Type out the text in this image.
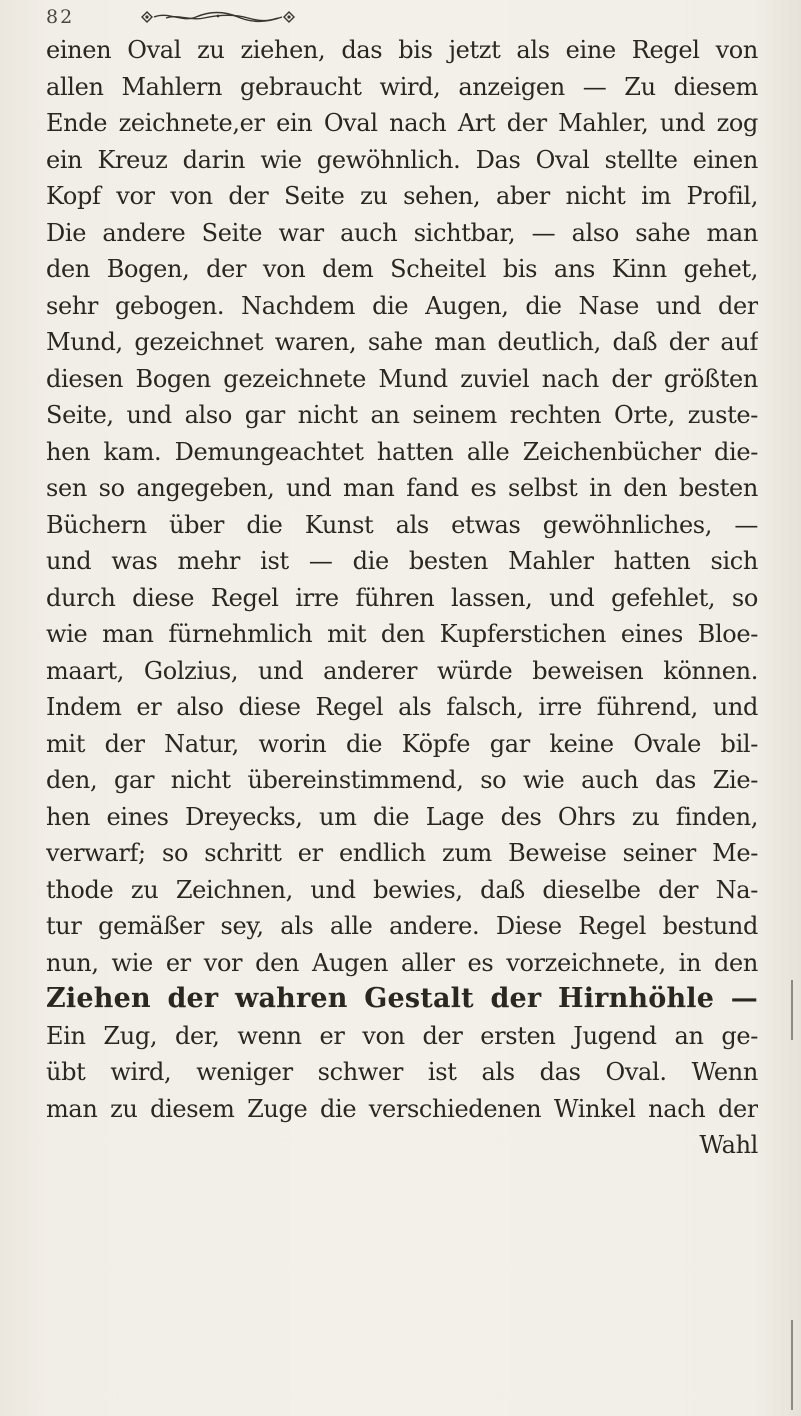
82
einen Oval zu ziehen, das bis jetzt als eine Regel von
allen Mahlern gebraucht wird, anzeigen — Zu diesem
Ende zeichnete,er ein Oval nach Art der Mahler, und zog
ein Kreuz darin wie gewöhnlich. Das Oval stellte einen
Kopf vor von der Seite zu sehen, aber nicht im Profil,
Die andere Seite war auch sichtbar, — also sahe man
den Bogen, der von dem Scheitel bis ans Kinn gehet,
sehr gebogen. Nachdem die Augen, die Nase und der
Mund, gezeichnet waren, sahe man deutlich, daß der auf
diesen Bogen gezeichnete Mund zuviel nach der größten
Seite, und also gar nicht an seinem rechten Orte, zuste-
hen kam. Demungeachtet hatten alle Zeichenbücher die-
sen so angegeben, und man fand es selbst in den besten
Büchern über die Kunst als etwas gewöhnliches, —
und was mehr ist — die besten Mahler hatten sich
durch diese Regel irre führen lassen, und gefehlet, so
wie man fürnehmlich mit den Kupferstichen eines Bloe-
maart, Golzius, und anderer würde beweisen können.
Indem er also diese Regel als falsch, irre führend, und
mit der Natur, worin die Köpfe gar keine Ovale bil-
den, gar nicht übereinstimmend, so wie auch das Zie-
hen eines Dreyecks, um die Lage des Ohrs zu finden,
verwarf; so schritt er endlich zum Beweise seiner Me-
thode zu Zeichnen, und bewies, daß dieselbe der Na-
tur gemäßer sey, als alle andere. Diese Regel bestund
nun, wie er vor den Augen aller es vorzeichnete, in den
Ziehen der wahren Gestalt der Hirnhöhle —
Ein Zug, der, wenn er von der ersten Jugend an ge-
übt wird, weniger schwer ist als das Oval. Wenn
man zu diesem Zuge die verschiedenen Winkel nach der
Wahl
